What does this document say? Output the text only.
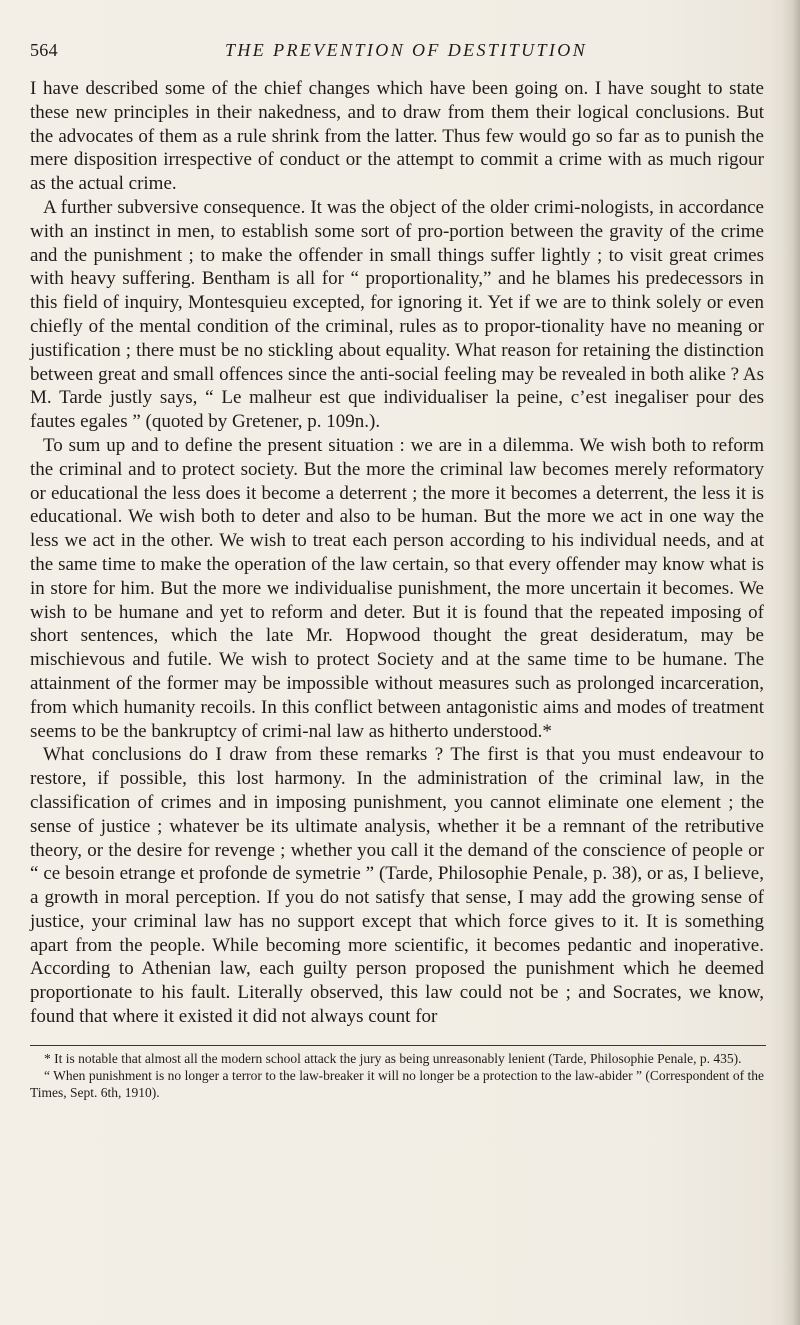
564	THE PREVENTION OF DESTITUTION

I have described some of the chief changes which have been going on. I have sought to state these new principles in their nakedness, and to draw from them their logical conclusions. But the advocates of them as a rule shrink from the latter. Thus few would go so far as to punish the mere disposition irrespective of conduct or the attempt to commit a crime with as much rigour as the actual crime.

A further subversive consequence. It was the object of the older crimi-nologists, in accordance with an instinct in men, to establish some sort of pro-portion between the gravity of the crime and the punishment ; to make the offender in small things suffer lightly ; to visit great crimes with heavy suffering. Bentham is all for “ proportionality,” and he blames his predecessors in this field of inquiry, Montesquieu excepted, for ignoring it. Yet if we are to think solely or even chiefly of the mental condition of the criminal, rules as to propor-tionality have no meaning or justification ; there must be no stickling about equality. What reason for retaining the distinction between great and small offences since the anti-social feeling may be revealed in both alike ? As M. Tarde justly says, “ Le malheur est que individualiser la peine, c’est inegaliser pour des fautes egales ” (quoted by Gretener, p. 109n.).

To sum up and to define the present situation : we are in a dilemma. We wish both to reform the criminal and to protect society. But the more the criminal law becomes merely reformatory or educational the less does it become a deterrent ; the more it becomes a deterrent, the less it is educational. We wish both to deter and also to be human. But the more we act in one way the less we act in the other. We wish to treat each person according to his individual needs, and at the same time to make the operation of the law certain, so that every offender may know what is in store for him. But the more we individualise punishment, the more uncertain it becomes. We wish to be humane and yet to reform and deter. But it is found that the repeated imposing of short sentences, which the late Mr. Hopwood thought the great desideratum, may be mischievous and futile. We wish to protect Society and at the same time to be humane. The attainment of the former may be impossible without measures such as prolonged incarceration, from which humanity recoils. In this conflict between antagonistic aims and modes of treatment seems to be the bankruptcy of crimi-nal law as hitherto understood.*

What conclusions do I draw from these remarks ? The first is that you must endeavour to restore, if possible, this lost harmony. In the administration of the criminal law, in the classification of crimes and in imposing punishment, you cannot eliminate one element ; the sense of justice ; whatever be its ultimate analysis, whether it be a remnant of the retributive theory, or the desire for revenge ; whether you call it the demand of the conscience of people or “ ce besoin etrange et profonde de symetrie ” (Tarde, Philosophie Penale, p. 38), or as, I believe, a growth in moral perception. If you do not satisfy that sense, I may add the growing sense of justice, your criminal law has no support except that which force gives to it. It is something apart from the people. While becoming more scientific, it becomes pedantic and inoperative. According to Athenian law, each guilty person proposed the punishment which he deemed proportionate to his fault. Literally observed, this law could not be ; and Socrates, we know, found that where it existed it did not always count for

* It is notable that almost all the modern school attack the jury as being unreasonably lenient (Tarde, Philosophie Penale, p. 435).

“ When punishment is no longer a terror to the law-breaker it will no longer be a protection to the law-abider ” (Correspondent of the Times, Sept. 6th, 1910).
